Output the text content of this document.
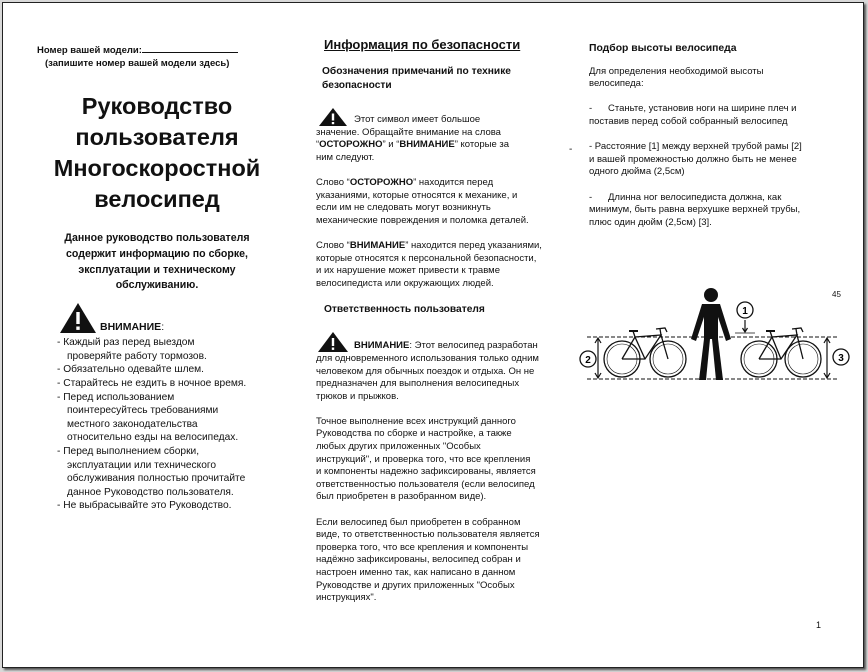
Номер вашей модели:
(запишите номер вашей модели здесь)
Руководство
пользователя
Многоскоростной
велосипед
Данное руководство пользователя
содержит информацию по сборке,
эксплуатации и техническому
обслуживанию.
ВНИМАНИЕ :
- Каждый раз перед выездом
проверяйте работу тормозов.
- Обязательно одевайте шлем.
- Старайтесь не ездить в ночное время.
- Перед использованием
поинтересуйтесь требованиями
местного законодательства
относительно езды на велосипедах.
- Перед выполнением сборки,
эксплуатации или технического
обслуживания полностью прочитайте
данное Руководство пользователя.
- Не выбрасывайте это Руководство.
Информация по безопасности
Обозначения примечаний по технике
безопасности
Этот символ имеет большое
значение. Обращайте внимание на слова
“ОСТОРОЖНО” и “ВНИМАНИЕ” которые за
ним следуют.
Слово “ОСТОРОЖНО” находится перед
указаниями, которые относятся к механике, и
если им не следовать могут возникнуть
механические повреждения и поломка деталей.
Слово “ВНИМАНИЕ” находится перед указаниями,
которые относятся к персональной безопасности,
и их нарушение может привести к травме
велосипедиста или окружающих людей.
Ответственность пользователя
ВНИМАНИЕ: Этот велосипед разработан
для одновременного использования только одним
человеком для обычных поездок и отдыха. Он не
предназначен для выполнения велосипедных
трюков и прыжков.
Точное выполнение всех инструкций данного
Руководства по сборке и настройке, а также
любых других приложенных "Особых
инструкций", и проверка того, что все крепления
и компоненты надежно зафиксированы, является
ответственностью пользователя (если велосипед
был приобретен в разобранном виде).
Если велосипед был приобретен в собранном
виде, то ответственностью пользователя является
проверка того, что все крепления и компоненты
надёжно зафиксированы, велосипед собран и
настроен именно так, как написано в данном
Руководстве и других приложенных "Особых
инструкциях".
-
Подбор высоты велосипеда
Для определения необходимой высоты
велосипеда:
-      Станьте, установив ноги на ширине плеч и
поставив перед собой собранный велосипед
- Расстояние [1] между верхней трубой рамы [2]
и вашей промежностью должно быть не менее
одного дюйма (2,5см)
-      Длинна ног велосипедиста должна, как
минимум, быть равна верхушке верхней трубы,
плюс один дюйм (2,5см) [3].
45
1
2	3
1
